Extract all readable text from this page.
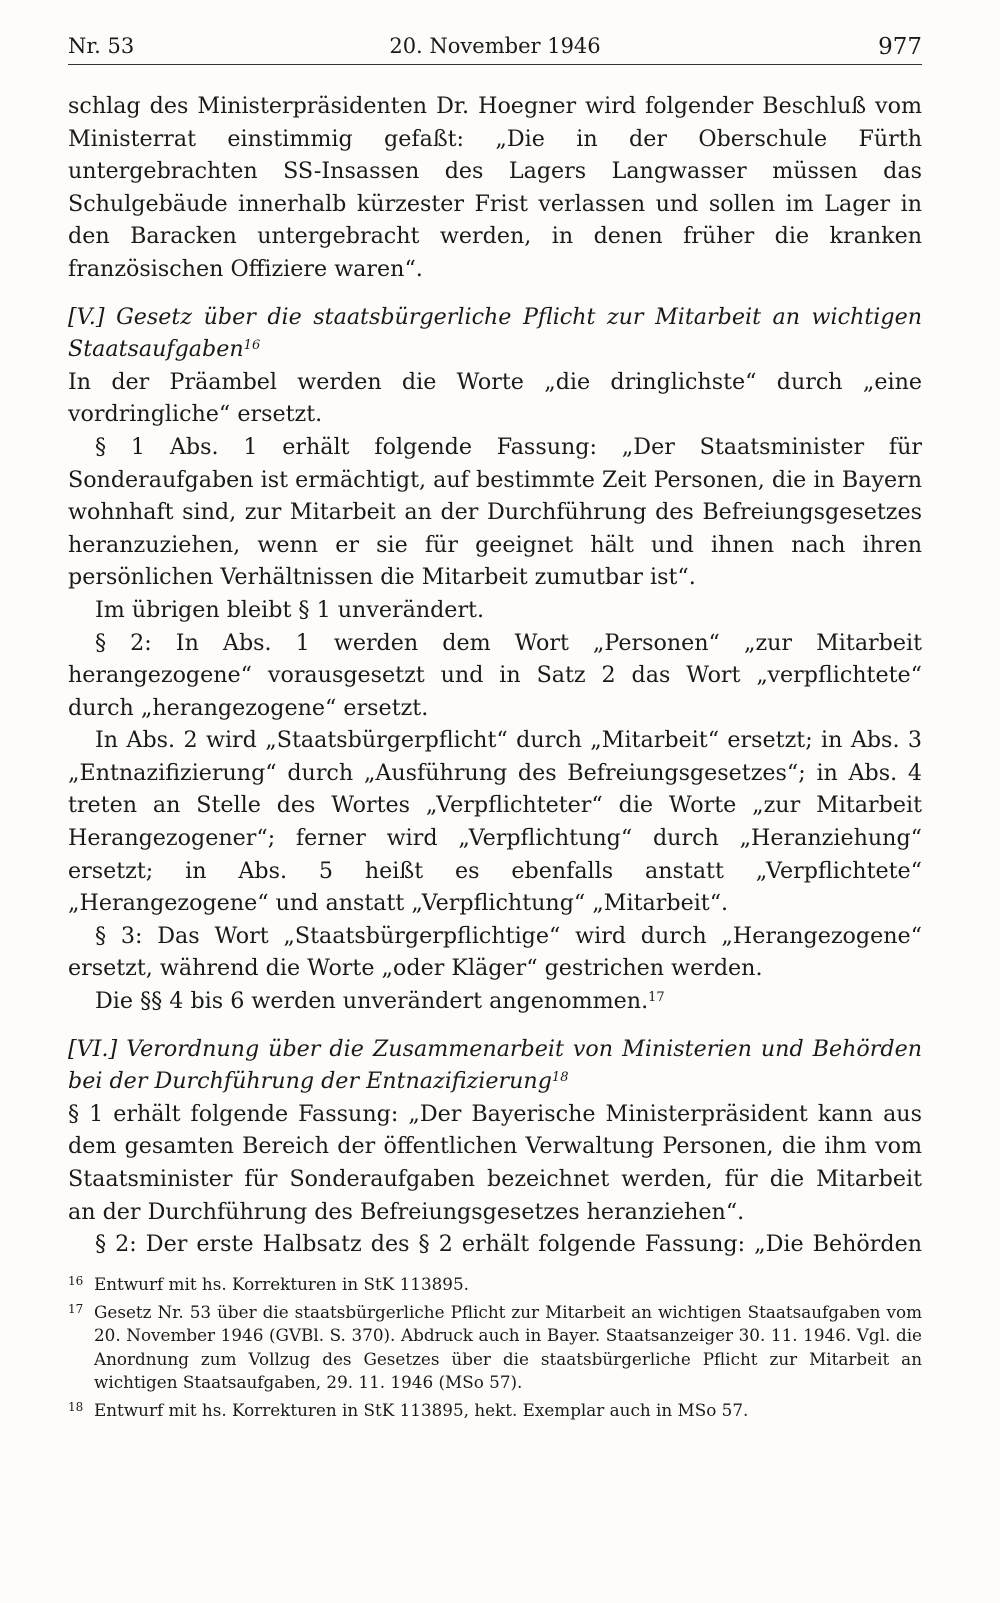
Nr. 53	20. November 1946	977

schlag des Ministerpräsidenten Dr. Hoegner wird folgender Beschluß vom Ministerrat einstimmig gefaßt: „Die in der Oberschule Fürth untergebrachten SS-Insassen des Lagers Langwasser müssen das Schulgebäude innerhalb kürzester Frist verlassen und sollen im Lager in den Baracken untergebracht werden, in denen früher die kranken französischen Offiziere waren“.

[V.] Gesetz über die staatsbürgerliche Pflicht zur Mitarbeit an wichtigen Staatsaufgaben$^{16}$

In der Präambel werden die Worte „die dringlichste“ durch „eine vordringliche“ ersetzt.

§ 1 Abs. 1 erhält folgende Fassung: „Der Staatsminister für Sonderaufgaben ist ermächtigt, auf bestimmte Zeit Personen, die in Bayern wohnhaft sind, zur Mitarbeit an der Durchführung des Befreiungsgesetzes heranzuziehen, wenn er sie für geeignet hält und ihnen nach ihren persönlichen Verhältnissen die Mitarbeit zumutbar ist“.

Im übrigen bleibt § 1 unverändert.

§ 2: In Abs. 1 werden dem Wort „Personen“ „zur Mitarbeit herangezogene“ vorausgesetzt und in Satz 2 das Wort „verpflichtete“ durch „herangezogene“ ersetzt.

In Abs. 2 wird „Staatsbürgerpflicht“ durch „Mitarbeit“ ersetzt; in Abs. 3 „Entnazifizierung“ durch „Ausführung des Befreiungsgesetzes“; in Abs. 4 treten an Stelle des Wortes „Verpflichteter“ die Worte „zur Mitarbeit Herangezogener“; ferner wird „Verpflichtung“ durch „Heranziehung“ ersetzt; in Abs. 5 heißt es ebenfalls anstatt „Verpflichtete“ „Herangezogene“ und anstatt „Verpflichtung“ „Mitarbeit“.

§ 3: Das Wort „Staatsbürgerpflichtige“ wird durch „Herangezogene“ ersetzt, während die Worte „oder Kläger“ gestrichen werden.

Die §§ 4 bis 6 werden unverändert angenommen.$^{17}$

[VI.] Verordnung über die Zusammenarbeit von Ministerien und Behörden bei der Durchführung der Entnazifizierung$^{18}$

§ 1 erhält folgende Fassung: „Der Bayerische Ministerpräsident kann aus dem gesamten Bereich der öffentlichen Verwaltung Personen, die ihm vom Staatsminister für Sonderaufgaben bezeichnet werden, für die Mitarbeit an der Durchführung des Befreiungsgesetzes heranziehen“.

§ 2: Der erste Halbsatz des § 2 erhält folgende Fassung: „Die Behörden

16 Entwurf mit hs. Korrekturen in StK 113895.
17 Gesetz Nr. 53 über die staatsbürgerliche Pflicht zur Mitarbeit an wichtigen Staatsaufgaben vom 20. November 1946 (GVBl. S. 370). Abdruck auch in Bayer. Staatsanzeiger 30. 11. 1946. Vgl. die Anordnung zum Vollzug des Gesetzes über die staatsbürgerliche Pflicht zur Mitarbeit an wichtigen Staatsaufgaben, 29. 11. 1946 (MSo 57).
18 Entwurf mit hs. Korrekturen in StK 113895, hekt. Exemplar auch in MSo 57.
